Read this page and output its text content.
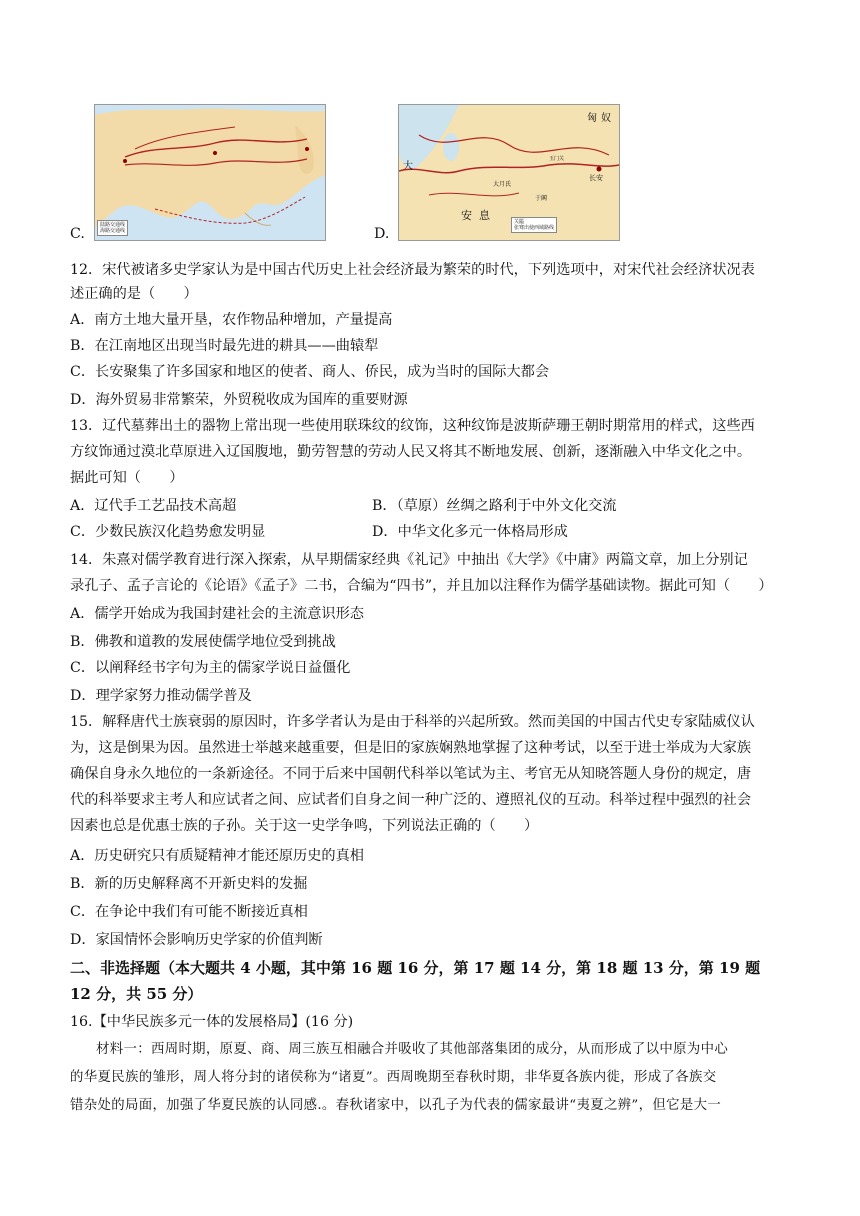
C.
陆路交通线
海路交通线	D.
匈 奴
大
安 息
长安
大月氏
于阗
玉门关
关隘
张骞出使西域路线
12．宋代被诸多史学家认为是中国古代历史上社会经济最为繁荣的时代，下列选项中，对宋代社会经济状况表
述正确的是（　　）
A．南方土地大量开垦，农作物品种增加，产量提高
B．在江南地区出现当时最先进的耕具——曲辕犁
C．长安聚集了许多国家和地区的使者、商人、侨民，成为当时的国际大都会
D．海外贸易非常繁荣，外贸税收成为国库的重要财源
13．辽代墓葬出土的器物上常出现一些使用联珠纹的纹饰，这种纹饰是波斯萨珊王朝时期常用的样式，这些西
方纹饰通过漠北草原进入辽国腹地，勤劳智慧的劳动人民又将其不断地发展、创新，逐渐融入中华文化之中。
据此可知（　　）
A．辽代手工艺品技术高超	B．（草原）丝绸之路利于中外文化交流
C．少数民族汉化趋势愈发明显	D．中华文化多元一体格局形成
14．朱熹对儒学教育进行深入探索，从早期儒家经典《礼记》中抽出《大学》《中庸》两篇文章，加上分别记
录孔子、孟子言论的《论语》《孟子》二书，合编为“四书”，并且加以注释作为儒学基础读物。据此可知（　　）
A．儒学开始成为我国封建社会的主流意识形态
B．佛教和道教的发展使儒学地位受到挑战
C．以阐释经书字句为主的儒家学说日益僵化
D．理学家努力推动儒学普及
15．解释唐代士族衰弱的原因时，许多学者认为是由于科举的兴起所致。然而美国的中国古代史专家陆威仪认
为，这是倒果为因。虽然进士举越来越重要，但是旧的家族娴熟地掌握了这种考试，以至于进士举成为大家族
确保自身永久地位的一条新途径。不同于后来中国朝代科举以笔试为主、考官无从知晓答题人身份的规定，唐
代的科举要求主考人和应试者之间、应试者们自身之间一种广泛的、遵照礼仪的互动。科举过程中强烈的社会
因素也总是优惠士族的子孙。关于这一史学争鸣，下列说法正确的（　　）
A．历史研究只有质疑精神才能还原历史的真相
B．新的历史解释离不开新史料的发掘
C．在争论中我们有可能不断接近真相
D．家国情怀会影响历史学家的价值判断
二、非选择题（本大题共 4 小题，其中第 16 题 16 分，第 17 题 14 分，第 18 题 13 分，第 19 题
12 分，共 55 分）
16.【中华民族多元一体的发展格局】(16 分)
材料一：西周时期，原夏、商、周三族互相融合并吸收了其他部落集团的成分，从而形成了以中原为中心
的华夏民族的雏形，周人将分封的诸侯称为“诸夏”。西周晚期至春秋时期，非华夏各族内徙，形成了各族交
错杂处的局面，加强了华夏民族的认同感.。春秋诸家中，以孔子为代表的儒家最讲“夷夏之辨”，但它是大一
